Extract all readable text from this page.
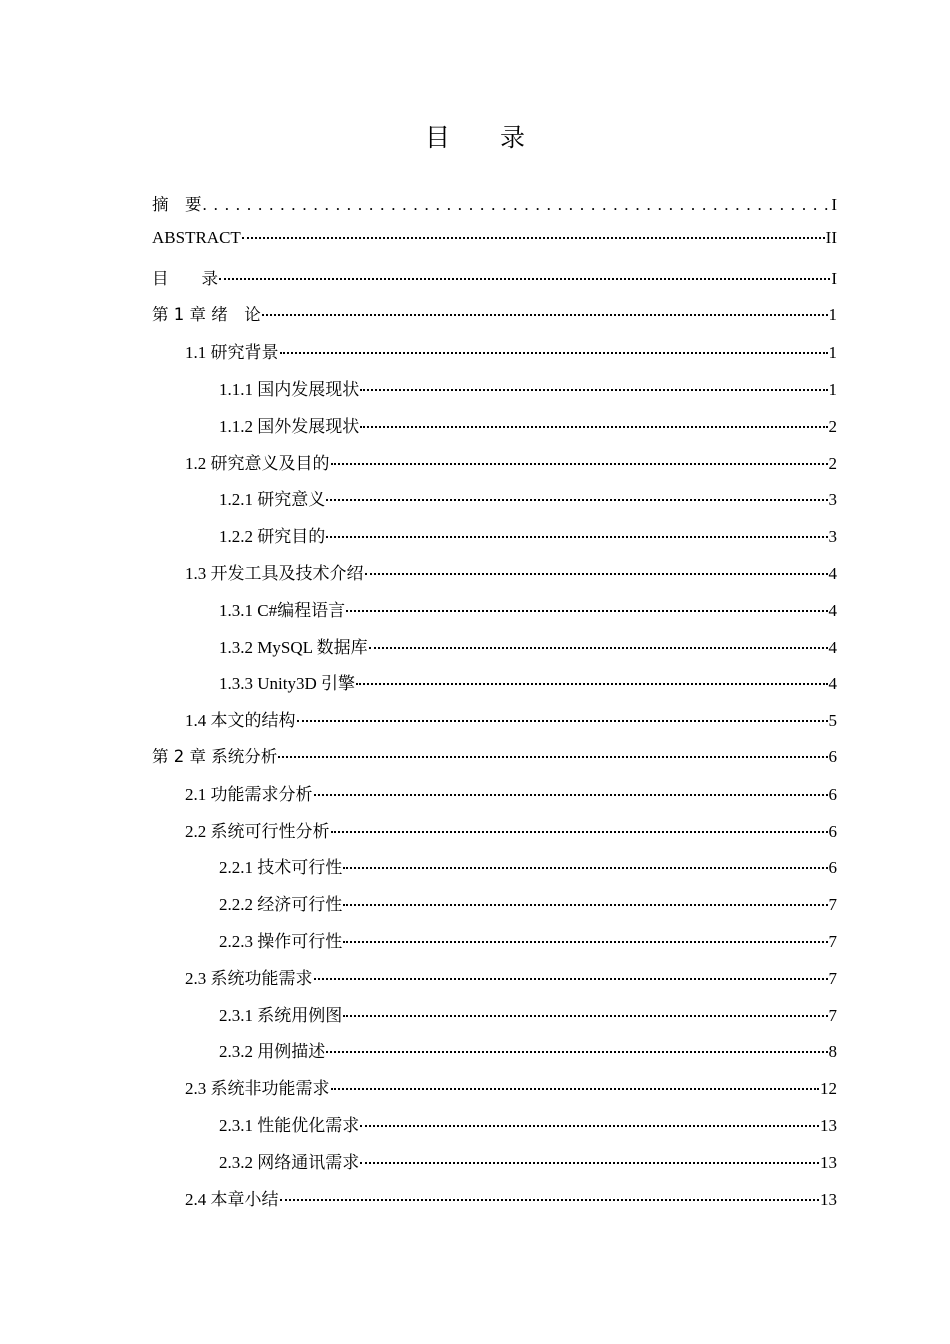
目 录
摘　要 . . .	I
ABSTRACT	II
目　　录	I
第 1 章 绪　论	1
1.1 研究背景	1
1.1.1 国内发展现状	1
1.1.2 国外发展现状	2
1.2 研究意义及目的	2
1.2.1 研究意义	3
1.2.2 研究目的	3
1.3 开发工具及技术介绍	4
1.3.1 C#编程语言	4
1.3.2 MySQL 数据库	4
1.3.3 Unity3D 引擎	4
1.4 本文的结构	5
第 2 章 系统分析	6
2.1 功能需求分析	6
2.2 系统可行性分析	6
2.2.1 技术可行性	6
2.2.2 经济可行性	7
2.2.3 操作可行性	7
2.3 系统功能需求	7
2.3.1 系统用例图	7
2.3.2 用例描述	8
2.3 系统非功能需求	12
2.3.1 性能优化需求	13
2.3.2 网络通讯需求	13
2.4 本章小结	13
